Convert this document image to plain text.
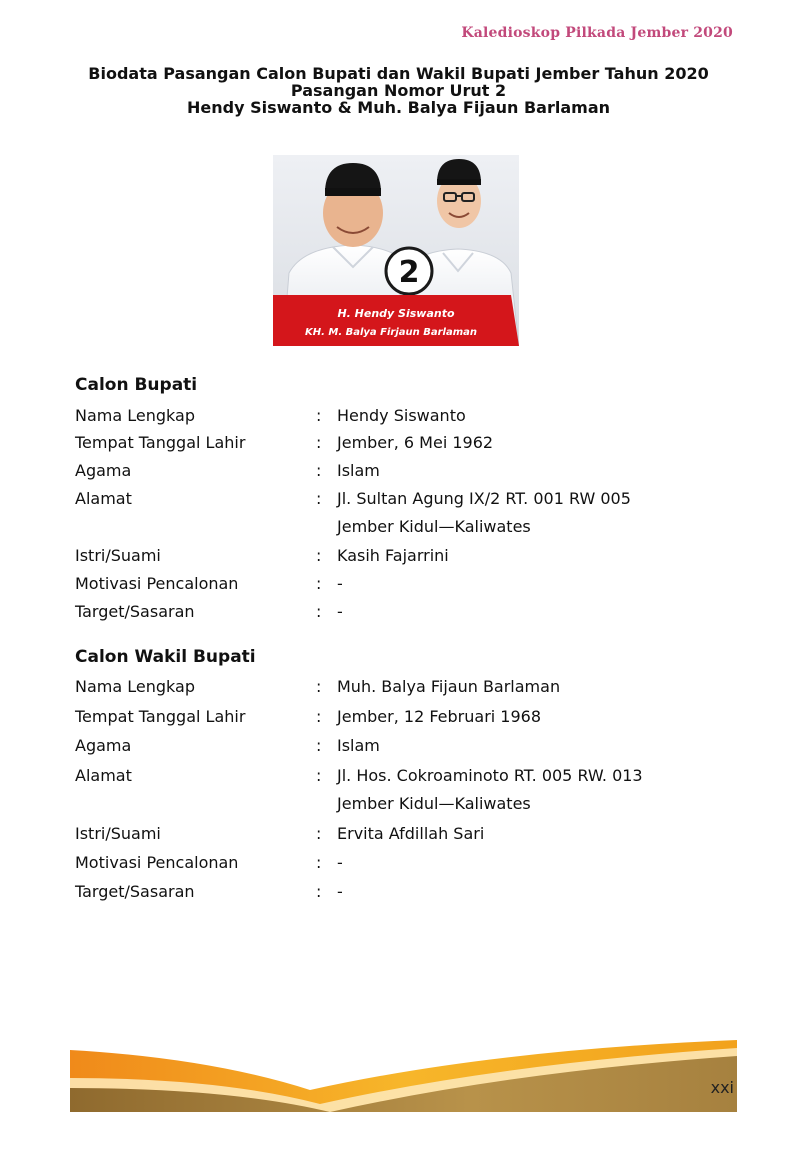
Kaledioskop Pilkada Jember 2020
Biodata Pasangan Calon Bupati dan Wakil Bupati Jember Tahun 2020
Pasangan Nomor Urut 2
Hendy Siswanto & Muh. Balya Fijaun Barlaman
2
H. Hendy Siswanto
KH. M. Balya Firjaun Barlaman
Calon Bupati
Nama Lengkap	: Hendy Siswanto
Tempat Tanggal Lahir	: Jember, 6 Mei 1962
Agama	: Islam
Alamat	: Jl. Sultan Agung IX/2 RT. 001 RW 005
Jember Kidul—Kaliwates
Istri/Suami	: Kasih Fajarrini
Motivasi Pencalonan	: -
Target/Sasaran	: -
Calon Wakil Bupati
Nama Lengkap	: Muh. Balya Fijaun Barlaman
Tempat Tanggal Lahir	: Jember, 12 Februari 1968
Agama	: Islam
Alamat	: Jl. Hos. Cokroaminoto RT. 005 RW. 013
Jember Kidul—Kaliwates
Istri/Suami	: Ervita Afdillah Sari
Motivasi Pencalonan	: -
Target/Sasaran	: -
xxi
